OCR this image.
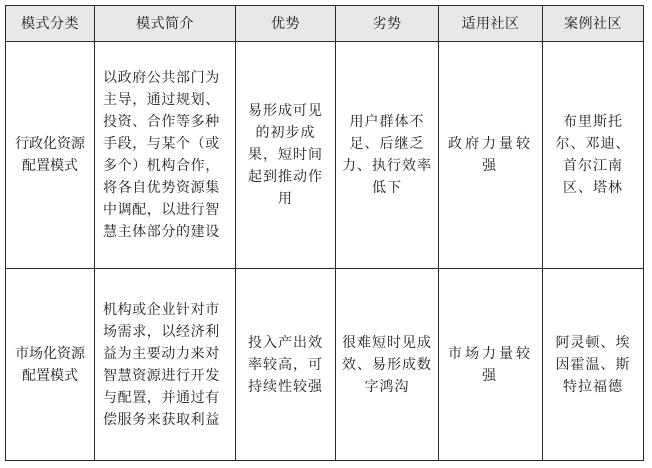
模式分类	模式简介	优势	劣势	适用社区	案例社区
行政化资源配置模式	以政府公共部门为主导，通过规划、投资、合作等多种手段，与某个（或多个）机构合作，将各自优势资源集中调配，以进行智慧主体部分的建设	易形成可见的初步成果，短时间起到推动作用	用户群体不足、后继乏力、执行效率低下	政府力量较强	布里斯托尔、邓迪、首尔江南区、塔林
市场化资源配置模式	机构或企业针对市场需求，以经济利益为主要动力来对智慧资源进行开发与配置，并通过有偿服务来获取利益	投入产出效率较高，可持续性较强	很难短时见成效、易形成数字鸿沟	市场力量较强	阿灵顿、埃因霍温、斯特拉福德
